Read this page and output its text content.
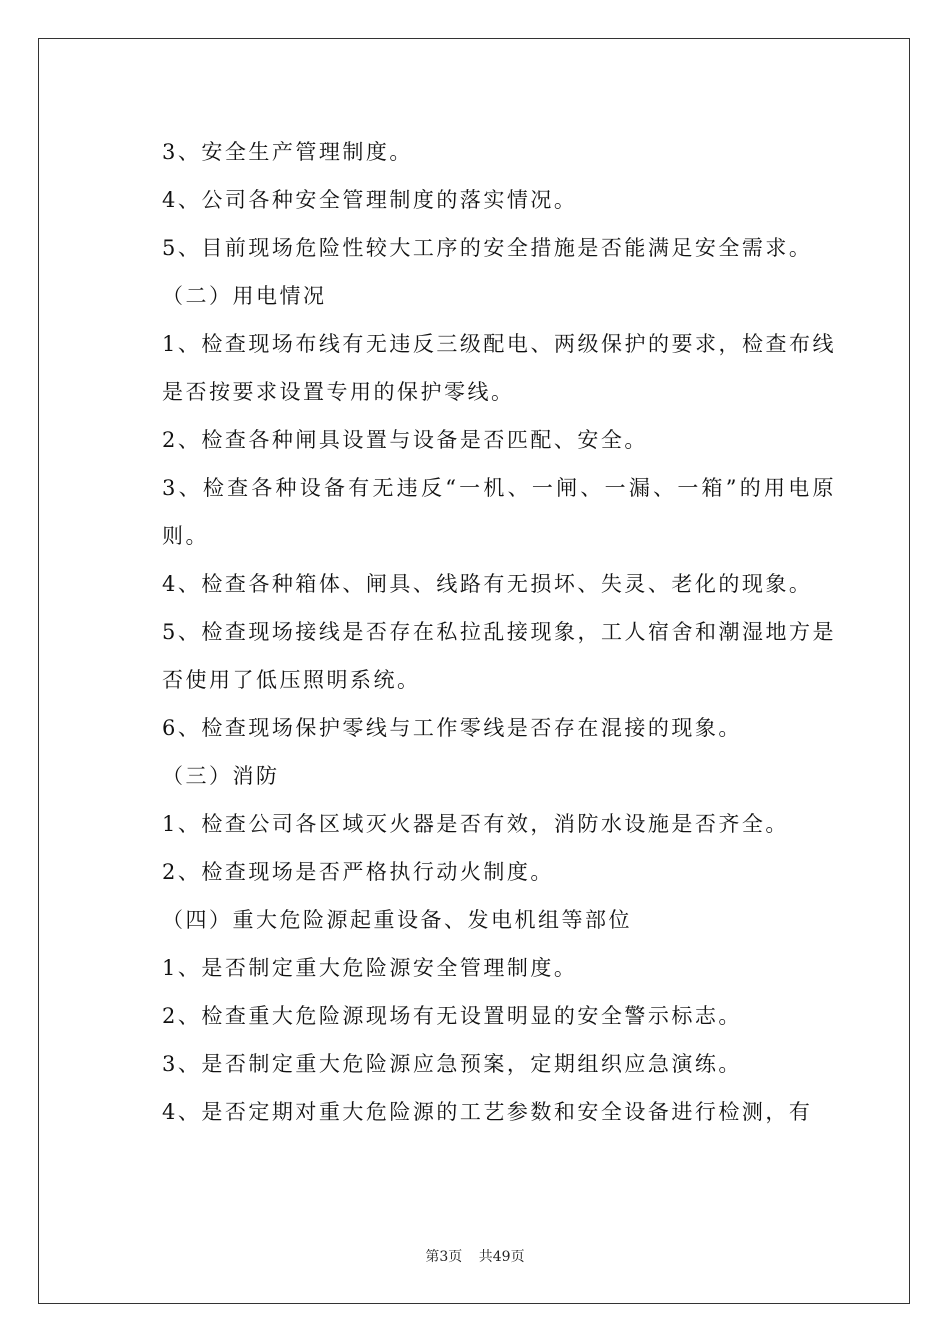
3、安全生产管理制度。

4、公司各种安全管理制度的落实情况。

5、目前现场危险性较大工序的安全措施是否能满足安全需求。

（二）用电情况

1、检查现场布线有无违反三级配电、两级保护的要求，检查布线是否按要求设置专用的保护零线。

2、检查各种闸具设置与设备是否匹配、安全。

3、检查各种设备有无违反“一机、一闸、一漏、一箱”的用电原则。

4、检查各种箱体、闸具、线路有无损坏、失灵、老化的现象。

5、检查现场接线是否存在私拉乱接现象，工人宿舍和潮湿地方是否使用了低压照明系统。

6、检查现场保护零线与工作零线是否存在混接的现象。

（三）消防

1、检查公司各区域灭火器是否有效，消防水设施是否齐全。

2、检查现场是否严格执行动火制度。

（四）重大危险源起重设备、发电机组等部位

1、是否制定重大危险源安全管理制度。

2、检查重大危险源现场有无设置明显的安全警示标志。

3、是否制定重大危险源应急预案，定期组织应急演练。

4、是否定期对重大危险源的工艺参数和安全设备进行检测，有

第3页 共49页
